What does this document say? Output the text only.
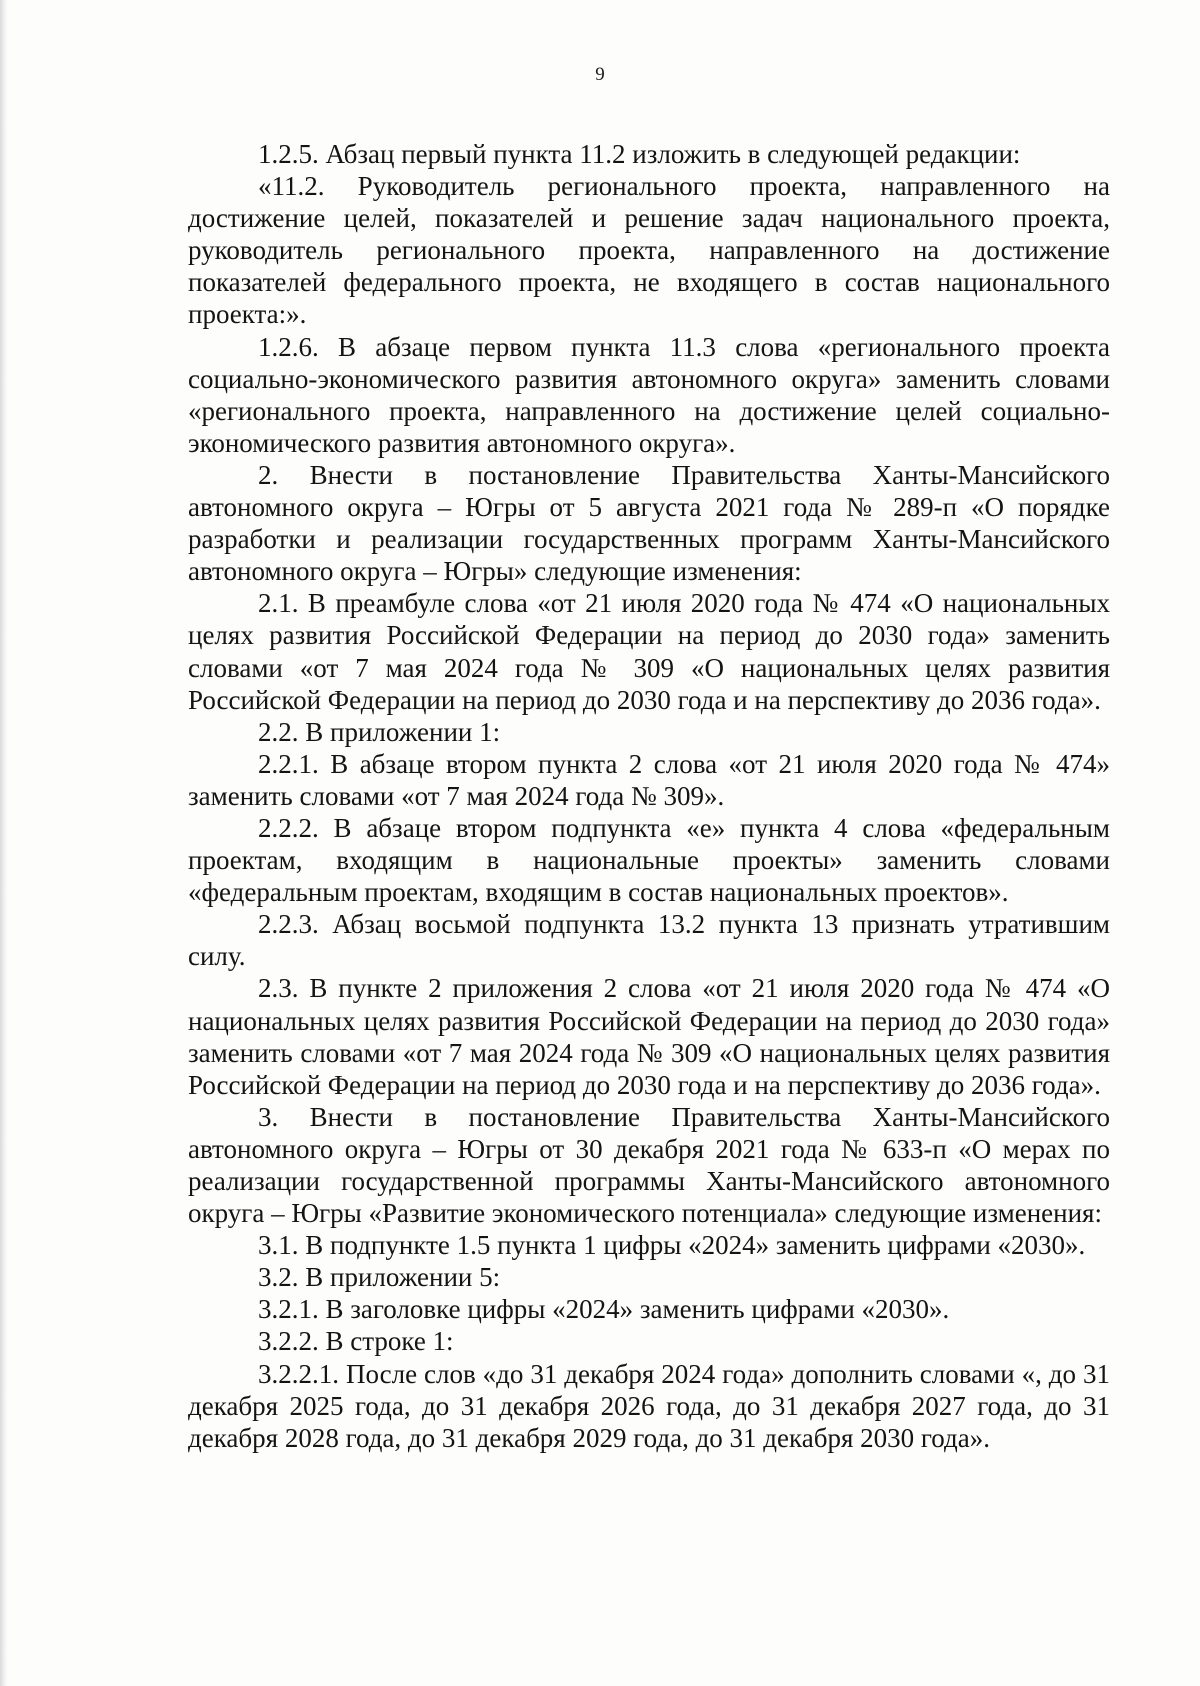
9

1.2.5. Абзац первый пункта 11.2 изложить в следующей редакции:

«11.2. Руководитель регионального проекта, направленного на достижение целей, показателей и решение задач национального проекта, руководитель регионального проекта, направленного на достижение показателей федерального проекта, не входящего в состав национального проекта:».

1.2.6. В абзаце первом пункта 11.3 слова «регионального проекта социально-экономического развития автономного округа» заменить словами «регионального проекта, направленного на достижение целей социально-экономического развития автономного округа».

2. Внести в постановление Правительства Ханты-Мансийского автономного округа – Югры от 5 августа 2021 года № 289-п «О порядке разработки и реализации государственных программ Ханты-Мансийского автономного округа – Югры» следующие изменения:

2.1. В преамбуле слова «от 21 июля 2020 года № 474 «О национальных целях развития Российской Федерации на период до 2030 года» заменить словами «от 7 мая 2024 года № 309 «О национальных целях развития Российской Федерации на период до 2030 года и на перспективу до 2036 года».

2.2. В приложении 1:

2.2.1. В абзаце втором пункта 2 слова «от 21 июля 2020 года № 474» заменить словами «от 7 мая 2024 года № 309».

2.2.2. В абзаце втором подпункта «е» пункта 4 слова «федеральным проектам, входящим в национальные проекты» заменить словами «федеральным проектам, входящим в состав национальных проектов».

2.2.3. Абзац восьмой подпункта 13.2 пункта 13 признать утратившим силу.

2.3. В пункте 2 приложения 2 слова «от 21 июля 2020 года № 474 «О национальных целях развития Российской Федерации на период до 2030 года» заменить словами «от 7 мая 2024 года № 309 «О национальных целях развития Российской Федерации на период до 2030 года и на перспективу до 2036 года».

3. Внести в постановление Правительства Ханты-Мансийского автономного округа – Югры от 30 декабря 2021 года № 633-п «О мерах по реализации государственной программы Ханты-Мансийского автономного округа – Югры «Развитие экономического потенциала» следующие изменения:

3.1. В подпункте 1.5 пункта 1 цифры «2024» заменить цифрами «2030».

3.2. В приложении 5:

3.2.1. В заголовке цифры «2024» заменить цифрами «2030».

3.2.2. В строке 1:

3.2.2.1. После слов «до 31 декабря 2024 года» дополнить словами «, до 31 декабря 2025 года, до 31 декабря 2026 года, до 31 декабря 2027 года, до 31 декабря 2028 года, до 31 декабря 2029 года, до 31 декабря 2030 года».
